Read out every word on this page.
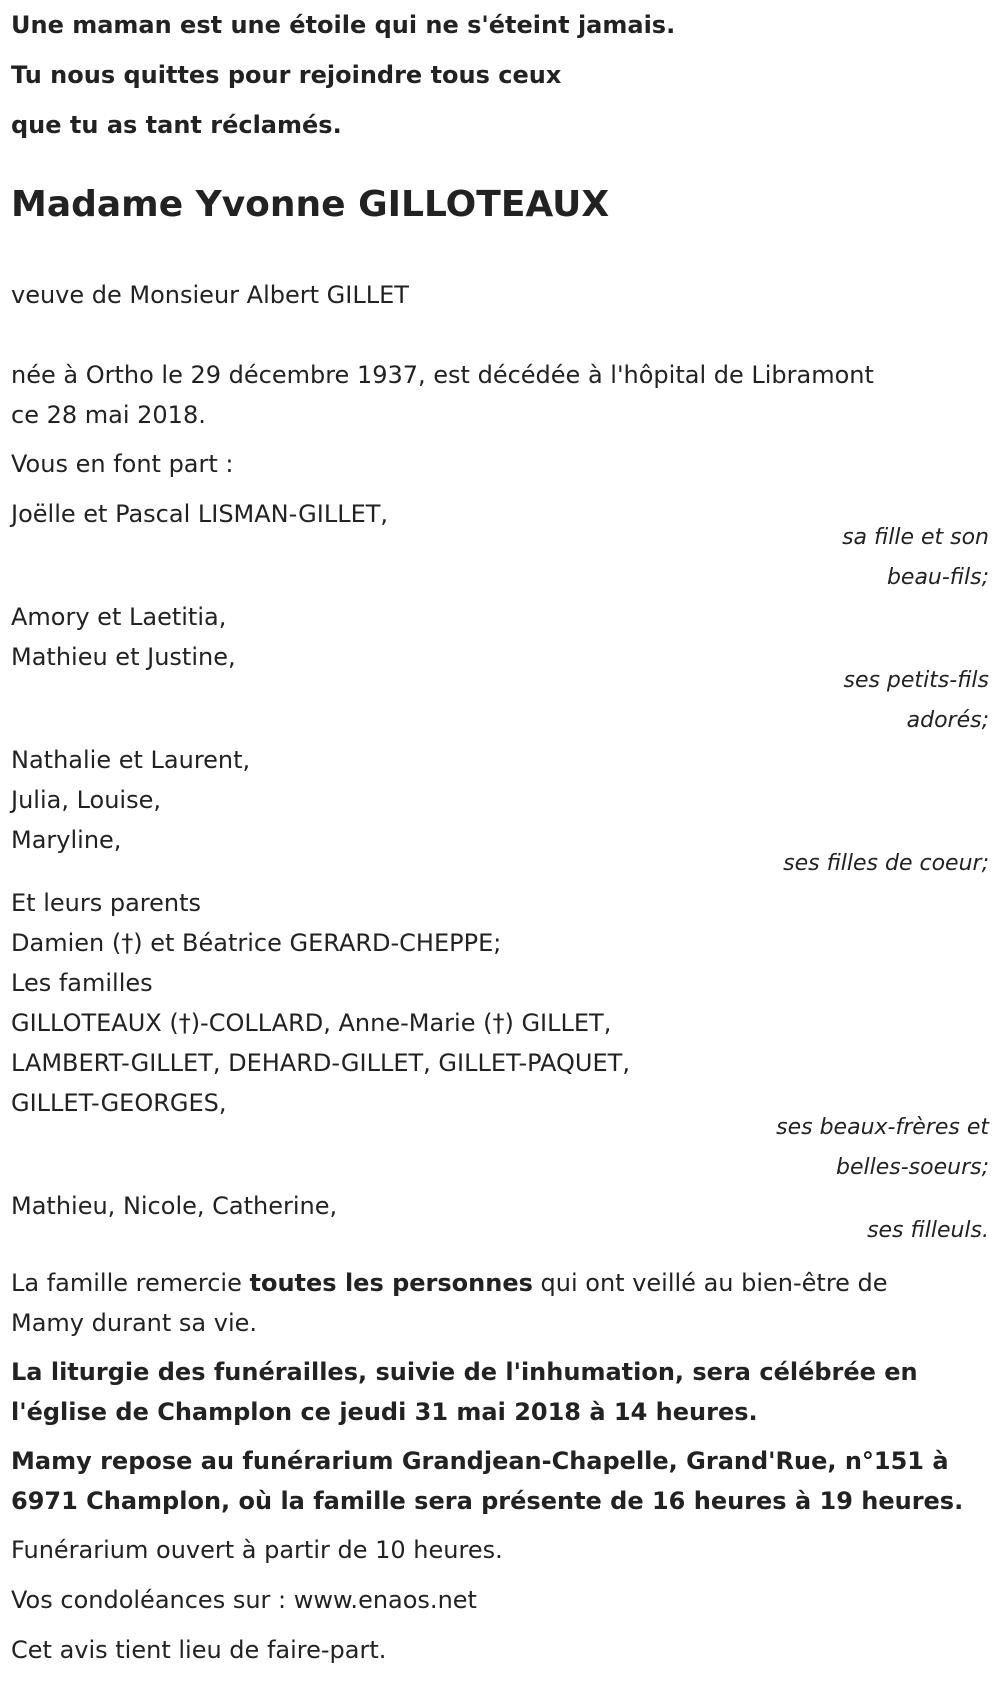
Une maman est une étoile qui ne s'éteint jamais.
Tu nous quittes pour rejoindre tous ceux
que tu as tant réclamés.
Madame Yvonne GILLOTEAUX
veuve de Monsieur Albert GILLET
née à Ortho le 29 décembre 1937, est décédée à l'hôpital de Libramont
ce 28 mai 2018.
Vous en font part :
Joëlle et Pascal LISMAN-GILLET,
sa fille et son
beau-fils;
Amory et Laetitia,
Mathieu et Justine,
ses petits-fils
adorés;
Nathalie et Laurent,
Julia, Louise,
Maryline,
ses filles de coeur;
Et leurs parents
Damien (†) et Béatrice GERARD-CHEPPE;
Les familles
GILLOTEAUX (†)-COLLARD, Anne-Marie (†) GILLET,
LAMBERT-GILLET, DEHARD-GILLET, GILLET-PAQUET,
GILLET-GEORGES,
ses beaux-frères et
belles-soeurs;
Mathieu, Nicole, Catherine,
ses filleuls.
La famille remercie toutes les personnes qui ont veillé au bien-être de
Mamy durant sa vie.
La liturgie des funérailles, suivie de l'inhumation, sera célébrée en
l'église de Champlon ce jeudi 31 mai 2018 à 14 heures.
Mamy repose au funérarium Grandjean-Chapelle, Grand'Rue, n°151 à
6971 Champlon, où la famille sera présente de 16 heures à 19 heures.
Funérarium ouvert à partir de 10 heures.
Vos condoléances sur : www.enaos.net
Cet avis tient lieu de faire-part.
